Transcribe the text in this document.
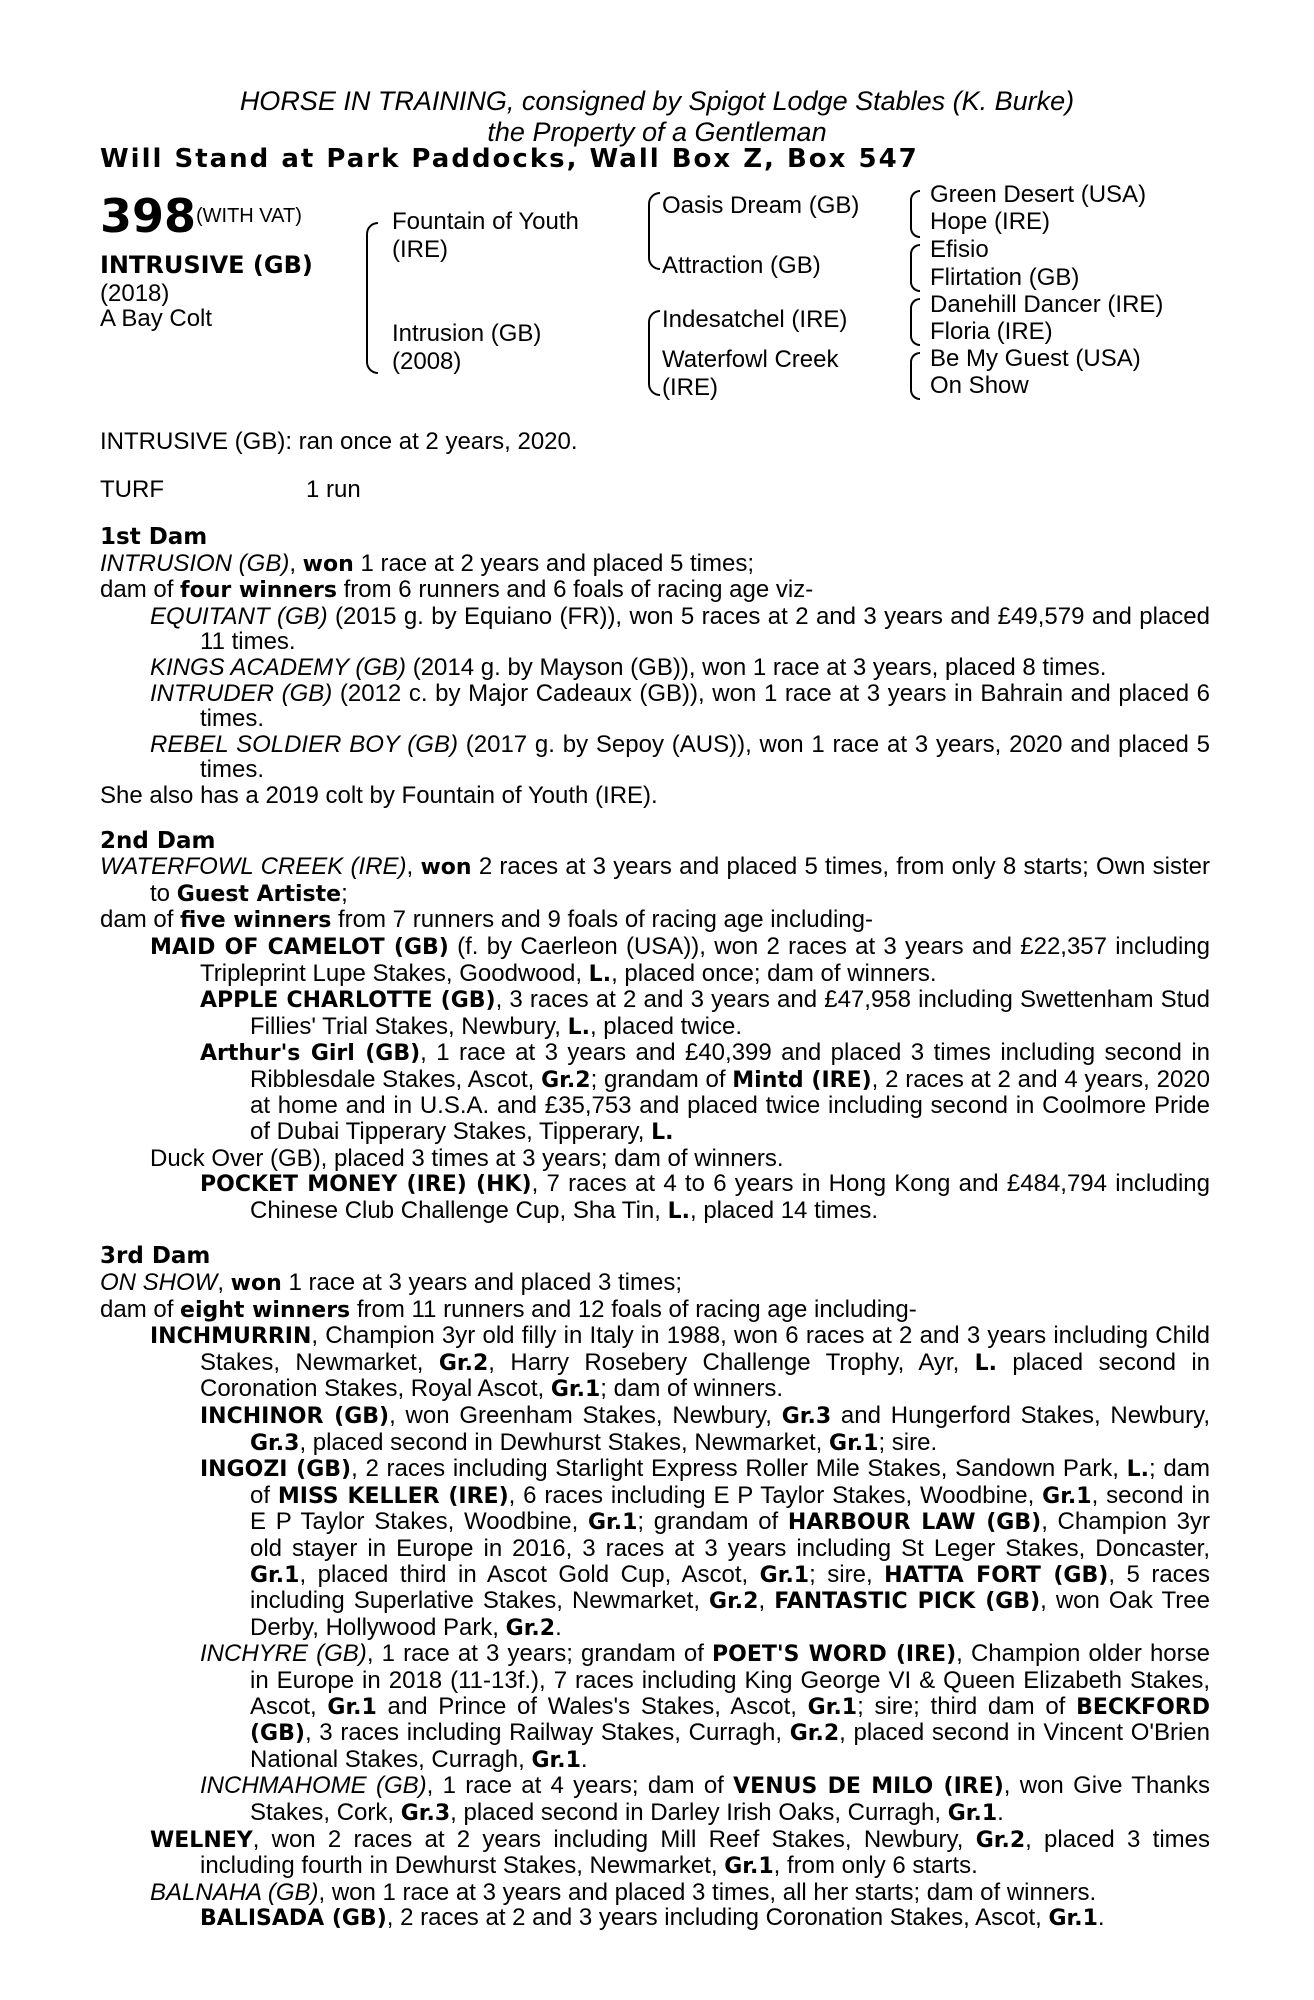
HORSE IN TRAINING, consigned by Spigot Lodge Stables (K. Burke)
the Property of a Gentleman
Will Stand at Park Paddocks, Wall Box Z, Box 547
398 (WITH VAT)
INTRUSIVE (GB)
(2018)
A Bay Colt
Fountain of Youth
(IRE)
Intrusion (GB)
(2008)
Oasis Dream (GB)
Attraction (GB)
Indesatchel (IRE)
Waterfowl Creek
(IRE)
Green Desert (USA)
Hope (IRE)
Efisio
Flirtation (GB)
Danehill Dancer (IRE)
Floria (IRE)
Be My Guest (USA)
On Show
INTRUSIVE (GB): ran once at 2 years, 2020.
TURF	1 run

1st Dam

INTRUSION (GB), won 1 race at 2 years and placed 5 times;

dam of four winners from 6 runners and 6 foals of racing age viz-

EQUITANT (GB) (2015 g. by Equiano (FR)), won 5 races at 2 and 3 years and £49,579 and placed 11 times.

KINGS ACADEMY (GB) (2014 g. by Mayson (GB)), won 1 race at 3 years, placed 8 times.

INTRUDER (GB) (2012 c. by Major Cadeaux (GB)), won 1 race at 3 years in Bahrain and placed 6 times.

REBEL SOLDIER BOY (GB) (2017 g. by Sepoy (AUS)), won 1 race at 3 years, 2020 and placed 5 times.

She also has a 2019 colt by Fountain of Youth (IRE).

2nd Dam

WATERFOWL CREEK (IRE), won 2 races at 3 years and placed 5 times, from only 8 starts; Own sister to Guest Artiste;

dam of five winners from 7 runners and 9 foals of racing age including-

MAID OF CAMELOT (GB) (f. by Caerleon (USA)), won 2 races at 3 years and £22,357 including Tripleprint Lupe Stakes, Goodwood, L., placed once; dam of winners.

APPLE CHARLOTTE (GB), 3 races at 2 and 3 years and £47,958 including Swettenham Stud Fillies' Trial Stakes, Newbury, L., placed twice.

Arthur's Girl (GB), 1 race at 3 years and £40,399 and placed 3 times including second in Ribblesdale Stakes, Ascot, Gr.2; grandam of Mintd (IRE), 2 races at 2 and 4 years, 2020 at home and in U.S.A. and £35,753 and placed twice including second in Coolmore Pride of Dubai Tipperary Stakes, Tipperary, L.

Duck Over (GB), placed 3 times at 3 years; dam of winners.

POCKET MONEY (IRE) (HK), 7 races at 4 to 6 years in Hong Kong and £484,794 including Chinese Club Challenge Cup, Sha Tin, L., placed 14 times.

3rd Dam

ON SHOW, won 1 race at 3 years and placed 3 times;

dam of eight winners from 11 runners and 12 foals of racing age including-

INCHMURRIN, Champion 3yr old filly in Italy in 1988, won 6 races at 2 and 3 years including Child Stakes, Newmarket, Gr.2, Harry Rosebery Challenge Trophy, Ayr, L. placed second in Coronation Stakes, Royal Ascot, Gr.1; dam of winners.

INCHINOR (GB), won Greenham Stakes, Newbury, Gr.3 and Hungerford Stakes, Newbury, Gr.3, placed second in Dewhurst Stakes, Newmarket, Gr.1; sire.

INGOZI (GB), 2 races including Starlight Express Roller Mile Stakes, Sandown Park, L.; dam of MISS KELLER (IRE), 6 races including E P Taylor Stakes, Woodbine, Gr.1, second in E P Taylor Stakes, Woodbine, Gr.1; grandam of HARBOUR LAW (GB), Champion 3yr old stayer in Europe in 2016, 3 races at 3 years including St Leger Stakes, Doncaster, Gr.1, placed third in Ascot Gold Cup, Ascot, Gr.1; sire, HATTA FORT (GB), 5 races including Superlative Stakes, Newmarket, Gr.2, FANTASTIC PICK (GB), won Oak Tree Derby, Hollywood Park, Gr.2.

INCHYRE (GB), 1 race at 3 years; grandam of POET'S WORD (IRE), Champion older horse in Europe in 2018 (11-13f.), 7 races including King George VI & Queen Elizabeth Stakes, Ascot, Gr.1 and Prince of Wales's Stakes, Ascot, Gr.1; sire; third dam of BECKFORD (GB), 3 races including Railway Stakes, Curragh, Gr.2, placed second in Vincent O'Brien National Stakes, Curragh, Gr.1.

INCHMAHOME (GB), 1 race at 4 years; dam of VENUS DE MILO (IRE), won Give Thanks Stakes, Cork, Gr.3, placed second in Darley Irish Oaks, Curragh, Gr.1.

WELNEY, won 2 races at 2 years including Mill Reef Stakes, Newbury, Gr.2, placed 3 times including fourth in Dewhurst Stakes, Newmarket, Gr.1, from only 6 starts.

BALNAHA (GB), won 1 race at 3 years and placed 3 times, all her starts; dam of winners.

BALISADA (GB), 2 races at 2 and 3 years including Coronation Stakes, Ascot, Gr.1.
